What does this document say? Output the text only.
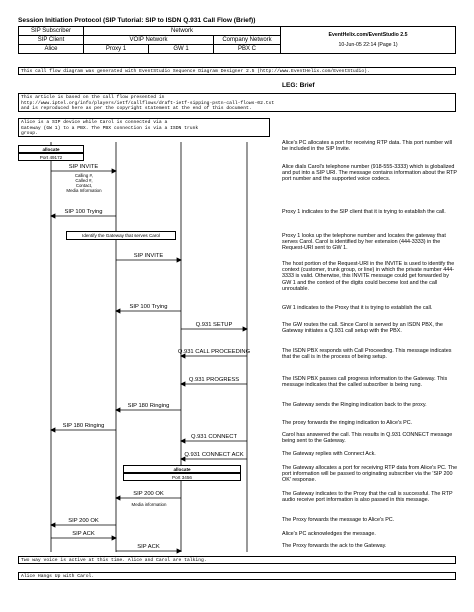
Session Initiation Protocol (SIP Tutorial: SIP to ISDN Q.931 Call Flow (Brief))
SIP Subscriber	Network
SIP Client	VOIP Network	Company Network
Alice	Proxy 1	GW 1	PBX C
EventHelix.com/EventStudio 2.5
10-Jun-05 22:14 (Page 1)
This call flow diagram was generated with EventStudio Sequence Diagram Designer 2.5 (http://www.EventHelix.com/EventStudio).
LEG: Brief
This article is based on the call flow presented in
http://www.iptel.org/info/players/ietf/callflows/draft-ietf-sipping-pstn-call-flows-02.txt
and is reproduced here as per the copyright statement at the end of this document.
Alice is a SIP device while Carol is connected via a
Gateway (GW 1) to a PBX. The PBX connection is via a ISDN trunk
group.
allocate
Port 49172
Calling #,
Called #,
Contact,
Media Information
Identify the Gateway that serves Carol
allocate
Port 3456
Media information
SIP INVITE
SIP 100 Trying
SIP INVITE
SIP 100 Trying
Q.931 SETUP
Q.931 CALL PROCEEDING
Q.931 PROGRESS
SIP 180 Ringing
SIP 180 Ringing
Q.931 CONNECT
Q.931 CONNECT ACK
SIP 200 OK
SIP 200 OK
SIP ACK
SIP ACK
Alice's PC allocates a port for receiving RTP data. This port number will be included in the SIP Invite.
Alice dials Carol's telephone number (918-555-3333) which is globalized and put into a SIP URI. The message contains information about the RTP port number and the supported voice codecs.
Proxy 1 indicates to the SIP client that it is trying to establish the call.
Proxy 1 looks up the telephone number and locates the gateway that serves Carol. Carol is identified by her extension (444-3333) in the Request-URI sent to GW 1.
The host portion of the Request-URI in the INVITE is used to identify the context (customer, trunk group, or line) in which the private number 444-3333 is valid. Otherwise, this INVITE message could get forwarded by GW 1 and the context of the digits could become lost and the call unroutable.
GW 1 indicates to the Proxy that it is trying to establish the call.
The GW routes the call. Since Carol is served by an ISDN PBX, the Gateway initiates a Q.931 call setup with the PBX.
The ISDN PBX responds with Call Proceeding. This message indicates that the call is in the process of being setup.
The ISDN PBX passes call progress information to the Gateway. This message indicates that the called subscriber is being rung.
The Gateway sends the Ringing indication back to the proxy.
The proxy forwards the ringing indication to Alice's PC.
Carol has answered the call. This results in Q.931 CONNECT message being sent to the Gateway.
The Gateway replies with Connect Ack.
The Gateway allocates a port for receiving RTP data from Alice's PC. The port information will be passed to originating subscriber via the 'SIP 200 OK' response.
The Gateway indicates to the Proxy that the call is successful. The RTP audio receive port information is also passed in this message.
The Proxy forwards the message to Alice's PC.
Alice's PC acknowledges the message.
The Proxy forwards the ack to the Gateway.
Two way voice is active at this time. Alice and Carol are talking.
Alice Hangs Up with Carol.
